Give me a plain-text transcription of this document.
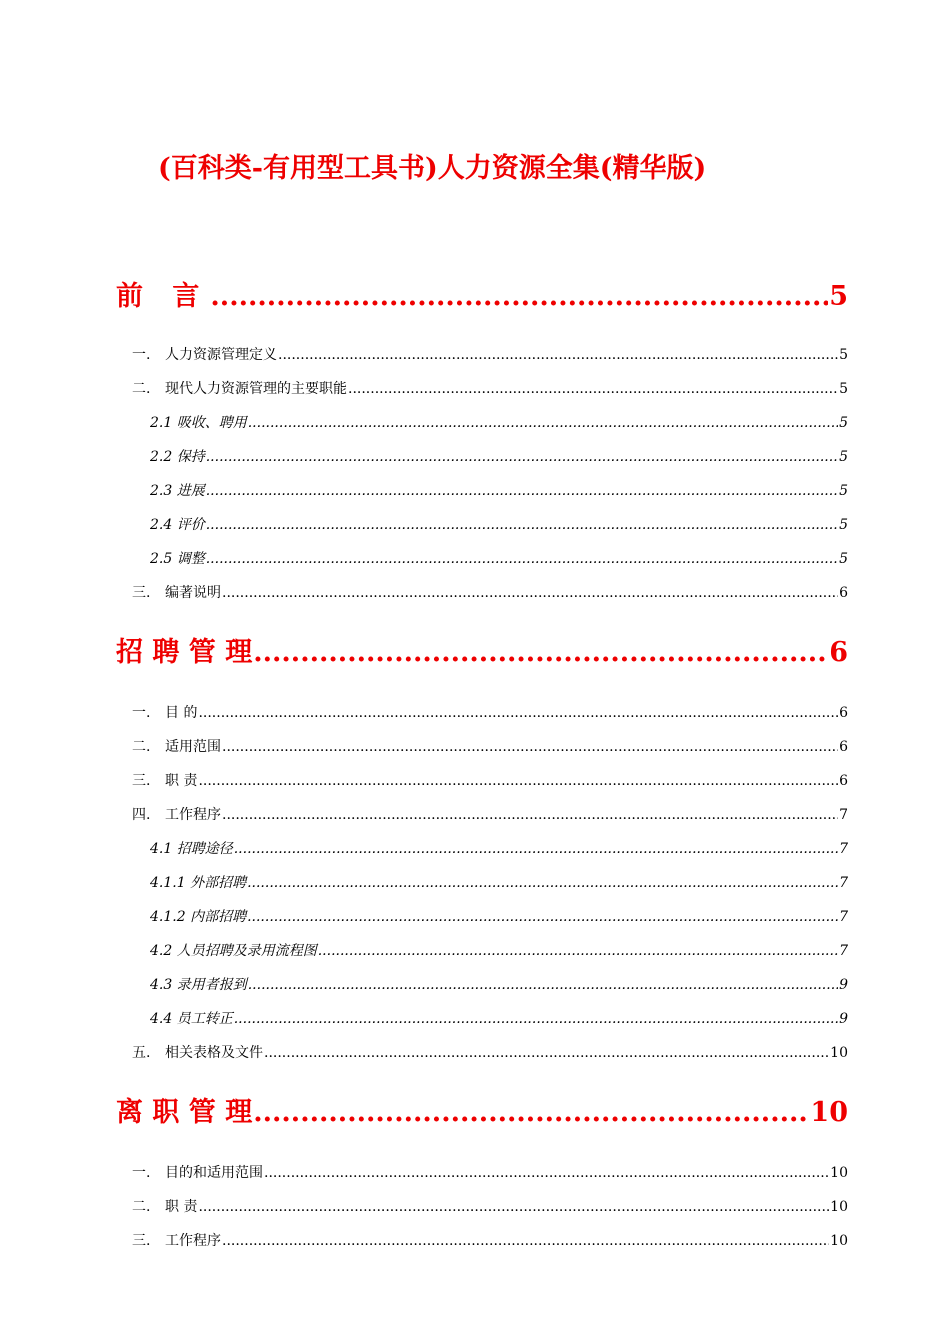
(百科类-有用型工具书)人力资源全集(精华版)
前 言 .....	5
一.	人力资源管理定义 .....	5
二.	现代人力资源管理的主要职能 .....	5
2.1 吸收、聘用 .....	5
2.2 保持 .....	5
2.3 进展 .....	5
2.4 评价 .....	5
2.5 调整 .....	5
三.	编著说明 .....	6
招 聘 管 理 .....	6
一.	目 的 .....	6
二.	适用范围 .....	6
三.	职 责 .....	6
四.	工作程序 .....	7
4.1 招聘途径 .....	7
4.1.1 外部招聘 .....	7
4.1.2 内部招聘 .....	7
4.2 人员招聘及录用流程图 .....	7
4.3 录用者报到 .....	9
4.4 员工转正 .....	9
五.	相关表格及文件 .....	10
离 职 管 理 .....	10
一.	目的和适用范围 .....	10
二.	职 责 .....	10
三.	工作程序 .....	10
